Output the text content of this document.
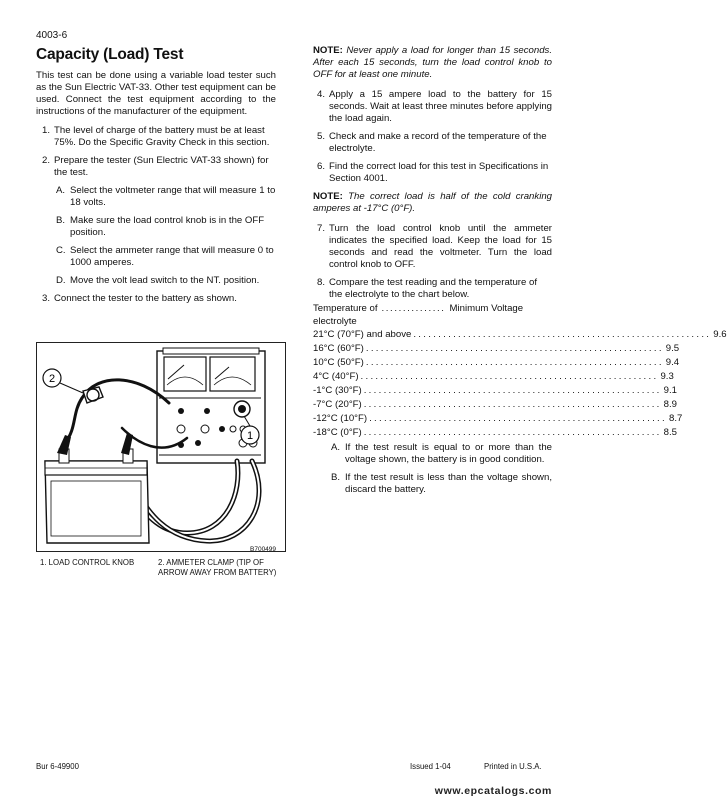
4003-6
Capacity (Load) Test

This test can be done using a variable load tester such as the Sun Electric VAT-33. Other test equipment can be used. Connect the test equipment according to the instructions of the manufacturer of the equipment.

1. The level of charge of the battery must be at least 75%. Do the Specific Gravity Check in this section.
2. Prepare the tester (Sun Electric VAT-33 shown) for the test.
A. Select the voltmeter range that will measure 1 to 18 volts.
B. Make sure the load control knob is in the OFF position.
C. Select the ammeter range that will measure 0 to 1000 amperes.
D. Move the volt lead switch to the NT. position.
3. Connect the tester to the battery as shown.
2
1
B700499
1. LOAD CONTROL KNOB	2. AMMETER CLAMP (TIP OF ARROW AWAY FROM BATTERY)

NOTE: Never apply a load for longer than 15 seconds. After each 15 seconds, turn the load control knob to OFF for at least one minute.

4. Apply a 15 ampere load to the battery for 15 seconds. Wait at least three minutes before applying the load again.
5. Check and make a record of the temperature of the electrolyte.
6. Find the correct load for this test in Specifications in Section 4001.

NOTE: The correct load is half of the cold cranking amperes at -17°C (0°F).

7. Turn the load control knob until the ammeter indicates the specified load. Keep the load for 15 seconds and read the voltmeter. Turn the load control knob to OFF.
8. Compare the test reading and the temperature of the electrolyte to the chart below.
Temperature of ............... Minimum Voltage
electrolyte
21°C (70°F) and above ............................................................ 9.6
16°C (60°F) ............................................................ 9.5
10°C (50°F) ............................................................ 9.4
4°C (40°F) ............................................................ 9.3
-1°C (30°F) ............................................................ 9.1
-7°C (20°F) ............................................................ 8.9
-12°C (10°F) ............................................................ 8.7
-18°C (0°F) ............................................................ 8.5
A. If the test result is equal to or more than the voltage shown, the battery is in good condition.
B. If the test result is less than the voltage shown, discard the battery.
Bur 6-49900	Issued 1-04	Printed in U.S.A.
www.epcatalogs.com
